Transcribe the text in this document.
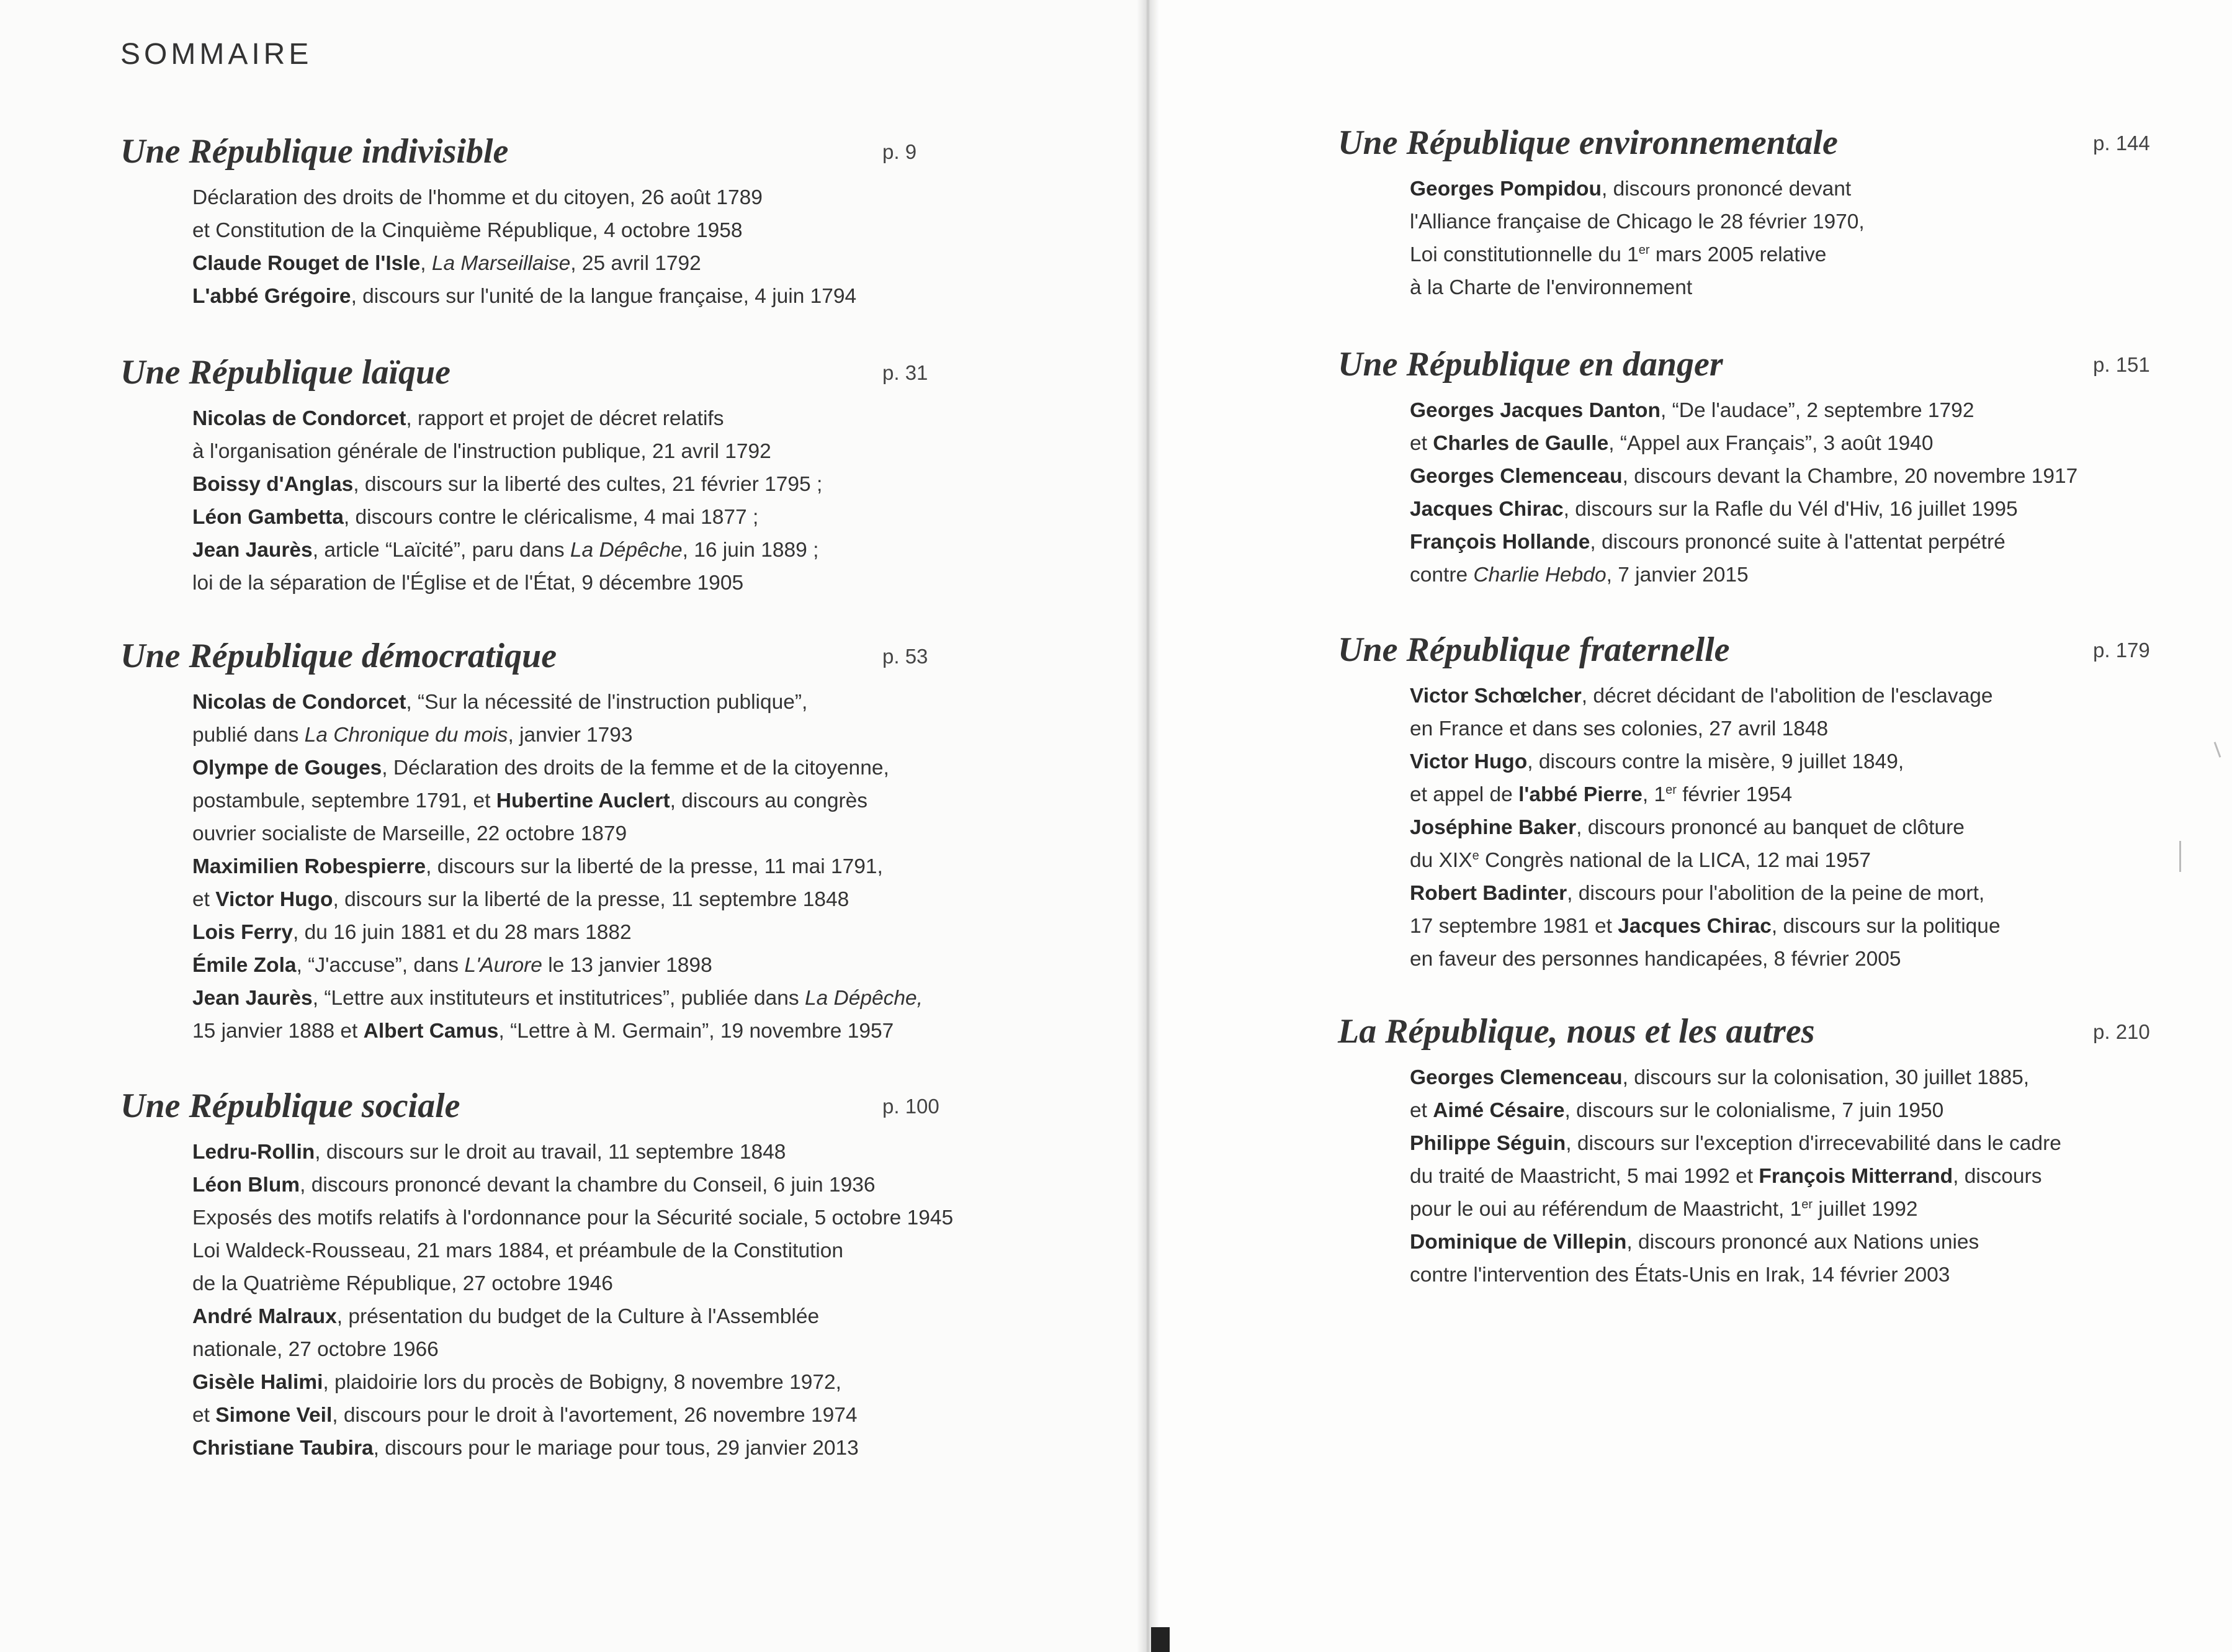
SOMMAIRE
Une République indivisible	p. 9
Déclaration des droits de l'homme et du citoyen, 26 août 1789
et Constitution de la Cinquième République, 4 octobre 1958
Claude Rouget de l'Isle, La Marseillaise, 25 avril 1792
L'abbé Grégoire, discours sur l'unité de la langue française, 4 juin 1794
Une République laïque	p. 31
Nicolas de Condorcet, rapport et projet de décret relatifs
à l'organisation générale de l'instruction publique, 21 avril 1792
Boissy d'Anglas, discours sur la liberté des cultes, 21 février 1795 ;
Léon Gambetta, discours contre le cléricalisme, 4 mai 1877 ;
Jean Jaurès, article “Laïcité”, paru dans La Dépêche, 16 juin 1889 ;
loi de la séparation de l'Église et de l'État, 9 décembre 1905
Une République démocratique	p. 53
Nicolas de Condorcet, “Sur la nécessité de l'instruction publique”,
publié dans La Chronique du mois, janvier 1793
Olympe de Gouges, Déclaration des droits de la femme et de la citoyenne,
postambule, septembre 1791, et Hubertine Auclert, discours au congrès
ouvrier socialiste de Marseille, 22 octobre 1879
Maximilien Robespierre, discours sur la liberté de la presse, 11 mai 1791,
et Victor Hugo, discours sur la liberté de la presse, 11 septembre 1848
Lois Ferry, du 16 juin 1881 et du 28 mars 1882
Émile Zola, “J'accuse”, dans L'Aurore le 13 janvier 1898
Jean Jaurès, “Lettre aux instituteurs et institutrices”, publiée dans La Dépêche,
15 janvier 1888 et Albert Camus, “Lettre à M. Germain”, 19 novembre 1957
Une République sociale	p. 100
Ledru-Rollin, discours sur le droit au travail, 11 septembre 1848
Léon Blum, discours prononcé devant la chambre du Conseil, 6 juin 1936
Exposés des motifs relatifs à l'ordonnance pour la Sécurité sociale, 5 octobre 1945
Loi Waldeck-Rousseau, 21 mars 1884, et préambule de la Constitution
de la Quatrième République, 27 octobre 1946
André Malraux, présentation du budget de la Culture à l'Assemblée
nationale, 27 octobre 1966
Gisèle Halimi, plaidoirie lors du procès de Bobigny, 8 novembre 1972,
et Simone Veil, discours pour le droit à l'avortement, 26 novembre 1974
Christiane Taubira, discours pour le mariage pour tous, 29 janvier 2013
Une République environnementale	p. 144
Georges Pompidou, discours prononcé devant
l'Alliance française de Chicago le 28 février 1970,
Loi constitutionnelle du 1er mars 2005 relative
à la Charte de l'environnement
Une République en danger	p. 151
Georges Jacques Danton, “De l'audace”, 2 septembre 1792
et Charles de Gaulle, “Appel aux Français”, 3 août 1940
Georges Clemenceau, discours devant la Chambre, 20 novembre 1917
Jacques Chirac, discours sur la Rafle du Vél d'Hiv, 16 juillet 1995
François Hollande, discours prononcé suite à l'attentat perpétré
contre Charlie Hebdo, 7 janvier 2015
Une République fraternelle	p. 179
Victor Schœlcher, décret décidant de l'abolition de l'esclavage
en France et dans ses colonies, 27 avril 1848
Victor Hugo, discours contre la misère, 9 juillet 1849,
et appel de l'abbé Pierre, 1er février 1954
Joséphine Baker, discours prononcé au banquet de clôture
du XIXe Congrès national de la LICA, 12 mai 1957
Robert Badinter, discours pour l'abolition de la peine de mort,
17 septembre 1981 et Jacques Chirac, discours sur la politique
en faveur des personnes handicapées, 8 février 2005
La République, nous et les autres	p. 210
Georges Clemenceau, discours sur la colonisation, 30 juillet 1885,
et Aimé Césaire, discours sur le colonialisme, 7 juin 1950
Philippe Séguin, discours sur l'exception d'irrecevabilité dans le cadre
du traité de Maastricht, 5 mai 1992 et François Mitterrand, discours
pour le oui au référendum de Maastricht, 1er juillet 1992
Dominique de Villepin, discours prononcé aux Nations unies
contre l'intervention des États-Unis en Irak, 14 février 2003
